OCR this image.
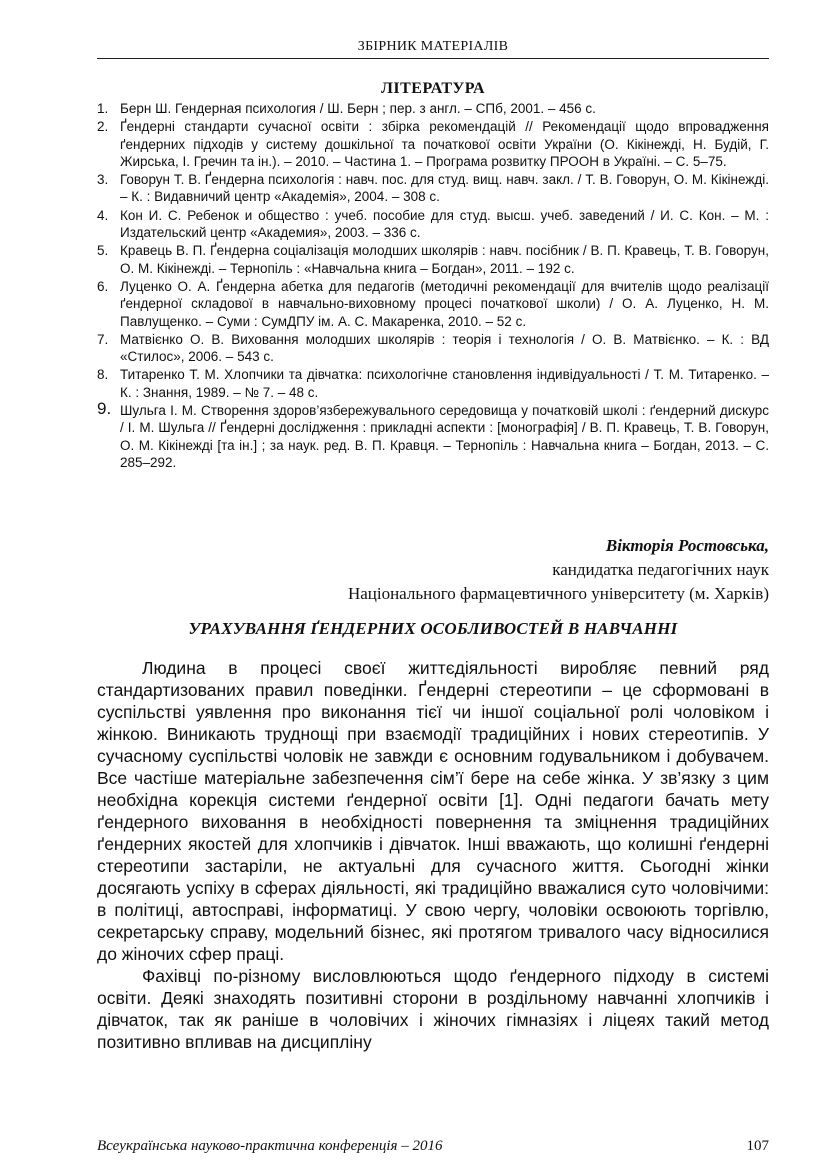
ЗБІРНИК МАТЕРІАЛІВ
ЛІТЕРАТУРА
1. Берн Ш. Гендерная психология / Ш. Берн ; пер. з англ. – СПб, 2001. – 456 с.
2. Ґендерні стандарти сучасної освіти : збірка рекомендацій // Рекомендації щодо впровадження ґендерних підходів у систему дошкільної та початкової освіти України (О. Кікінежді, Н. Будій, Г. Жирська, І. Гречин та ін.). – 2010. – Частина 1. – Програма розвитку ПРООН в Україні. – С. 5–75.
3. Говорун Т. В. Ґендерна психологія : навч. пос. для студ. вищ. навч. закл. / Т. В. Говорун, О. М. Кікінежді. – К. : Видавничий центр «Академія», 2004. – 308 с.
4. Кон И. С. Ребенок и общество : учеб. пособие для студ. высш. учеб. заведений / И. С. Кон. – М. : Издательский центр «Академия», 2003. – 336 с.
5. Кравець В. П. Ґендерна соціалізація молодших школярів : навч. посібник / В. П. Кравець, Т. В. Говорун, О. М. Кікінежді. – Тернопіль : «Навчальна книга – Богдан», 2011. – 192 с.
6. Луценко О. А. Ґендерна абетка для педагогів (методичні рекомендації для вчителів щодо реалізації ґендерної складової в навчально-виховному процесі початкової школи) / О. А. Луценко, Н. М. Павлущенко. – Суми : СумДПУ ім. А. С. Макаренка, 2010. – 52 с.
7. Матвієнко О. В. Виховання молодших школярів : теорія і технологія / О. В. Матвієнко. – К. : ВД «Стилос», 2006. – 543 с.
8. Титаренко Т. М. Хлопчики та дівчатка: психологічне становлення індивідуальності / Т. М. Титаренко. – К. : Знання, 1989. – № 7. – 48 с.
9. Шульга І. М. Створення здоров’язбережувального середовища у початковій школі : ґендерний дискурс / І. М. Шульга // Ґендерні дослідження : прикладні аспекти : [монографія] / В. П. Кравець, Т. В. Говорун, О. М. Кікінежді [та ін.] ; за наук. ред. В. П. Кравця. – Тернопіль : Навчальна книга – Богдан, 2013. – С. 285–292.
Вікторія Ростовська,
кандидатка педагогічних наук
Національного фармацевтичного університету (м. Харків)
УРАХУВАННЯ ҐЕНДЕРНИХ ОСОБЛИВОСТЕЙ В НАВЧАННІ

Людина в процесі своєї життєдіяльності виробляє певний ряд стандартизованих правил поведінки. Ґендерні стереотипи – це сформовані в суспільстві уявлення про виконання тієї чи іншої соціальної ролі чоловіком і жінкою. Виникають труднощі при взаємодії традиційних і нових стереотипів. У сучасному суспільстві чоловік не завжди є основним годувальником і добувачем. Все частіше матеріальне забезпечення сім’ї бере на себе жінка. У зв’язку з цим необхідна корекція системи ґендерної освіти [1]. Одні педагоги бачать мету ґендерного виховання в необхідності повернення та зміцнення традиційних ґендерних якостей для хлопчиків і дівчаток. Інші вважають, що колишні ґендерні стереотипи застаріли, не актуальні для сучасного життя. Сьогодні жінки досягають успіху в сферах діяльності, які традиційно вважалися суто чоловічими: в політиці, автосправі, інформатиці. У свою чергу, чоловіки освоюють торгівлю, секретарську справу, модельний бізнес, які протягом тривалого часу відносилися до жіночих сфер праці.

Фахівці по-різному висловлюються щодо ґендерного підходу в системі освіти. Деякі знаходять позитивні сторони в роздільному навчанні хлопчиків і дівчаток, так як раніше в чоловічих і жіночих гімназіях і ліцеях такий метод позитивно впливав на дисципліну

Всеукраїнська науково-практична конференція – 2016	107
